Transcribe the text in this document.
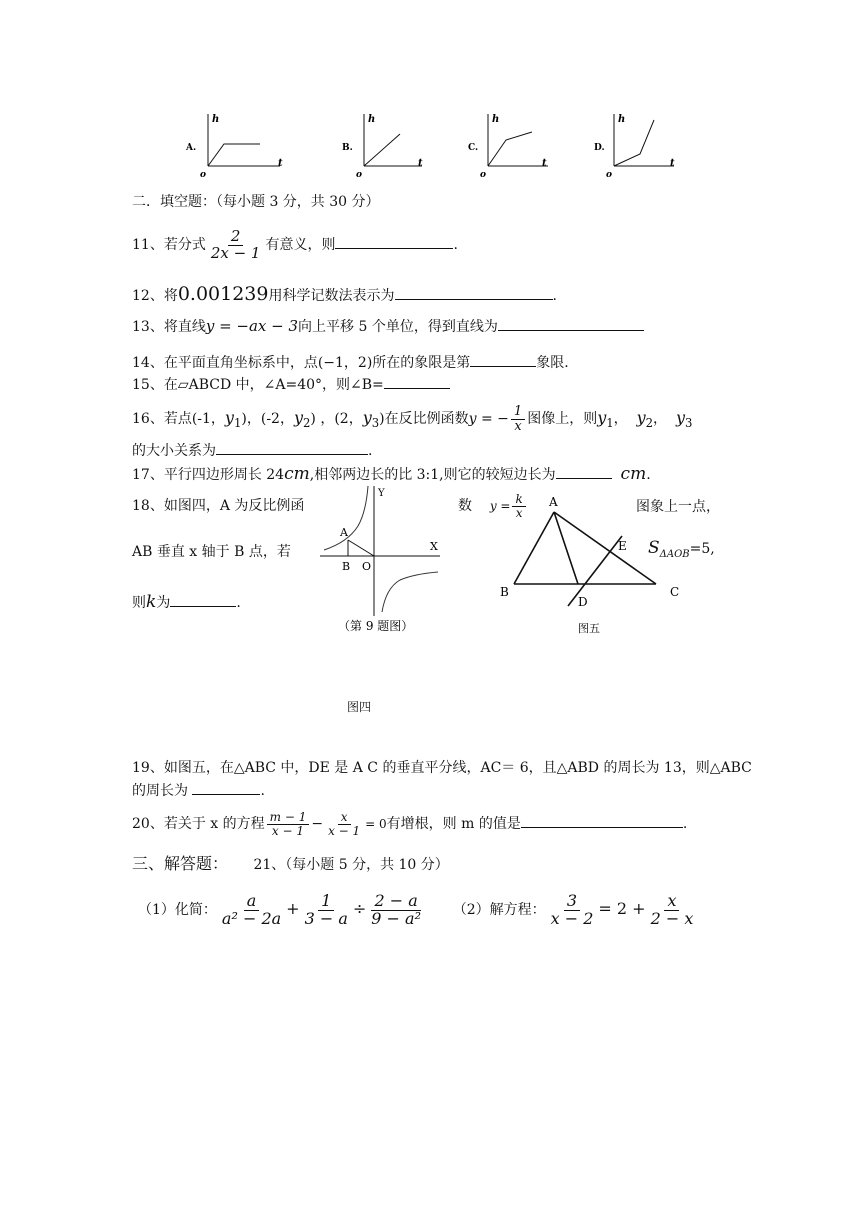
A.
h
t
o
B.
h
t
o
C.
h
t
o
D.
h
t
o
二．填空题：（每小题 3 分，共 30 分）
11、若分式 $\frac{2}{2x - 1}$ 有意义，则	.
12、将0.001239用科学记数法表示为	.
13、将直线y = −ax − 3向上平移 5 个单位，得到直线为
14、在平面直角坐标系中，点(−1，2)所在的象限是第	象限.
15、在▱ABCD 中，∠A=40°，则∠B=
16、若点(-1，$y_1$)，(-2，$y_2$) ，(2，$y_3$)在反比例函数y = − $\frac{1}{x}$ 图像上，则$y_1$， $y_2$， $y_3$
的大小关系为	.
17、平行四边形周长 24cm,相邻两边长的比 3:1,则它的较短边长为	cm.
18、如图四，A 为反比例函	数 $y = \frac{k}{x}$	图象上一点，
AB 垂直 x 轴于 B 点，若	$S_{\Delta AOB}=5$,
则k为	.
Y
X
A
B O
（第 9 题图）
图四
A
B	C
D
E
图五
19、如图五，在△ABC 中，DE 是 A C 的垂直平分线，AC＝ 6，且△ABD 的周长为 13，则△ABC
的周长为	.
20、若关于 x 的方程 $\frac{m - 1}{x - 1} - \frac{x}{x - 1} = 0$有增根，则 m 的值是	.
三、解答题： 21、（每小题 5 分，共 10 分）
（1）化简： $\frac{a}{\text{a² − 2a}} + \frac{1}{3 - a} \div \frac{2 - a}{\text{9 − a²}} (2)$解方程： $\frac{3}{x - 2} = 2 + \frac{x}{2 - x}$
